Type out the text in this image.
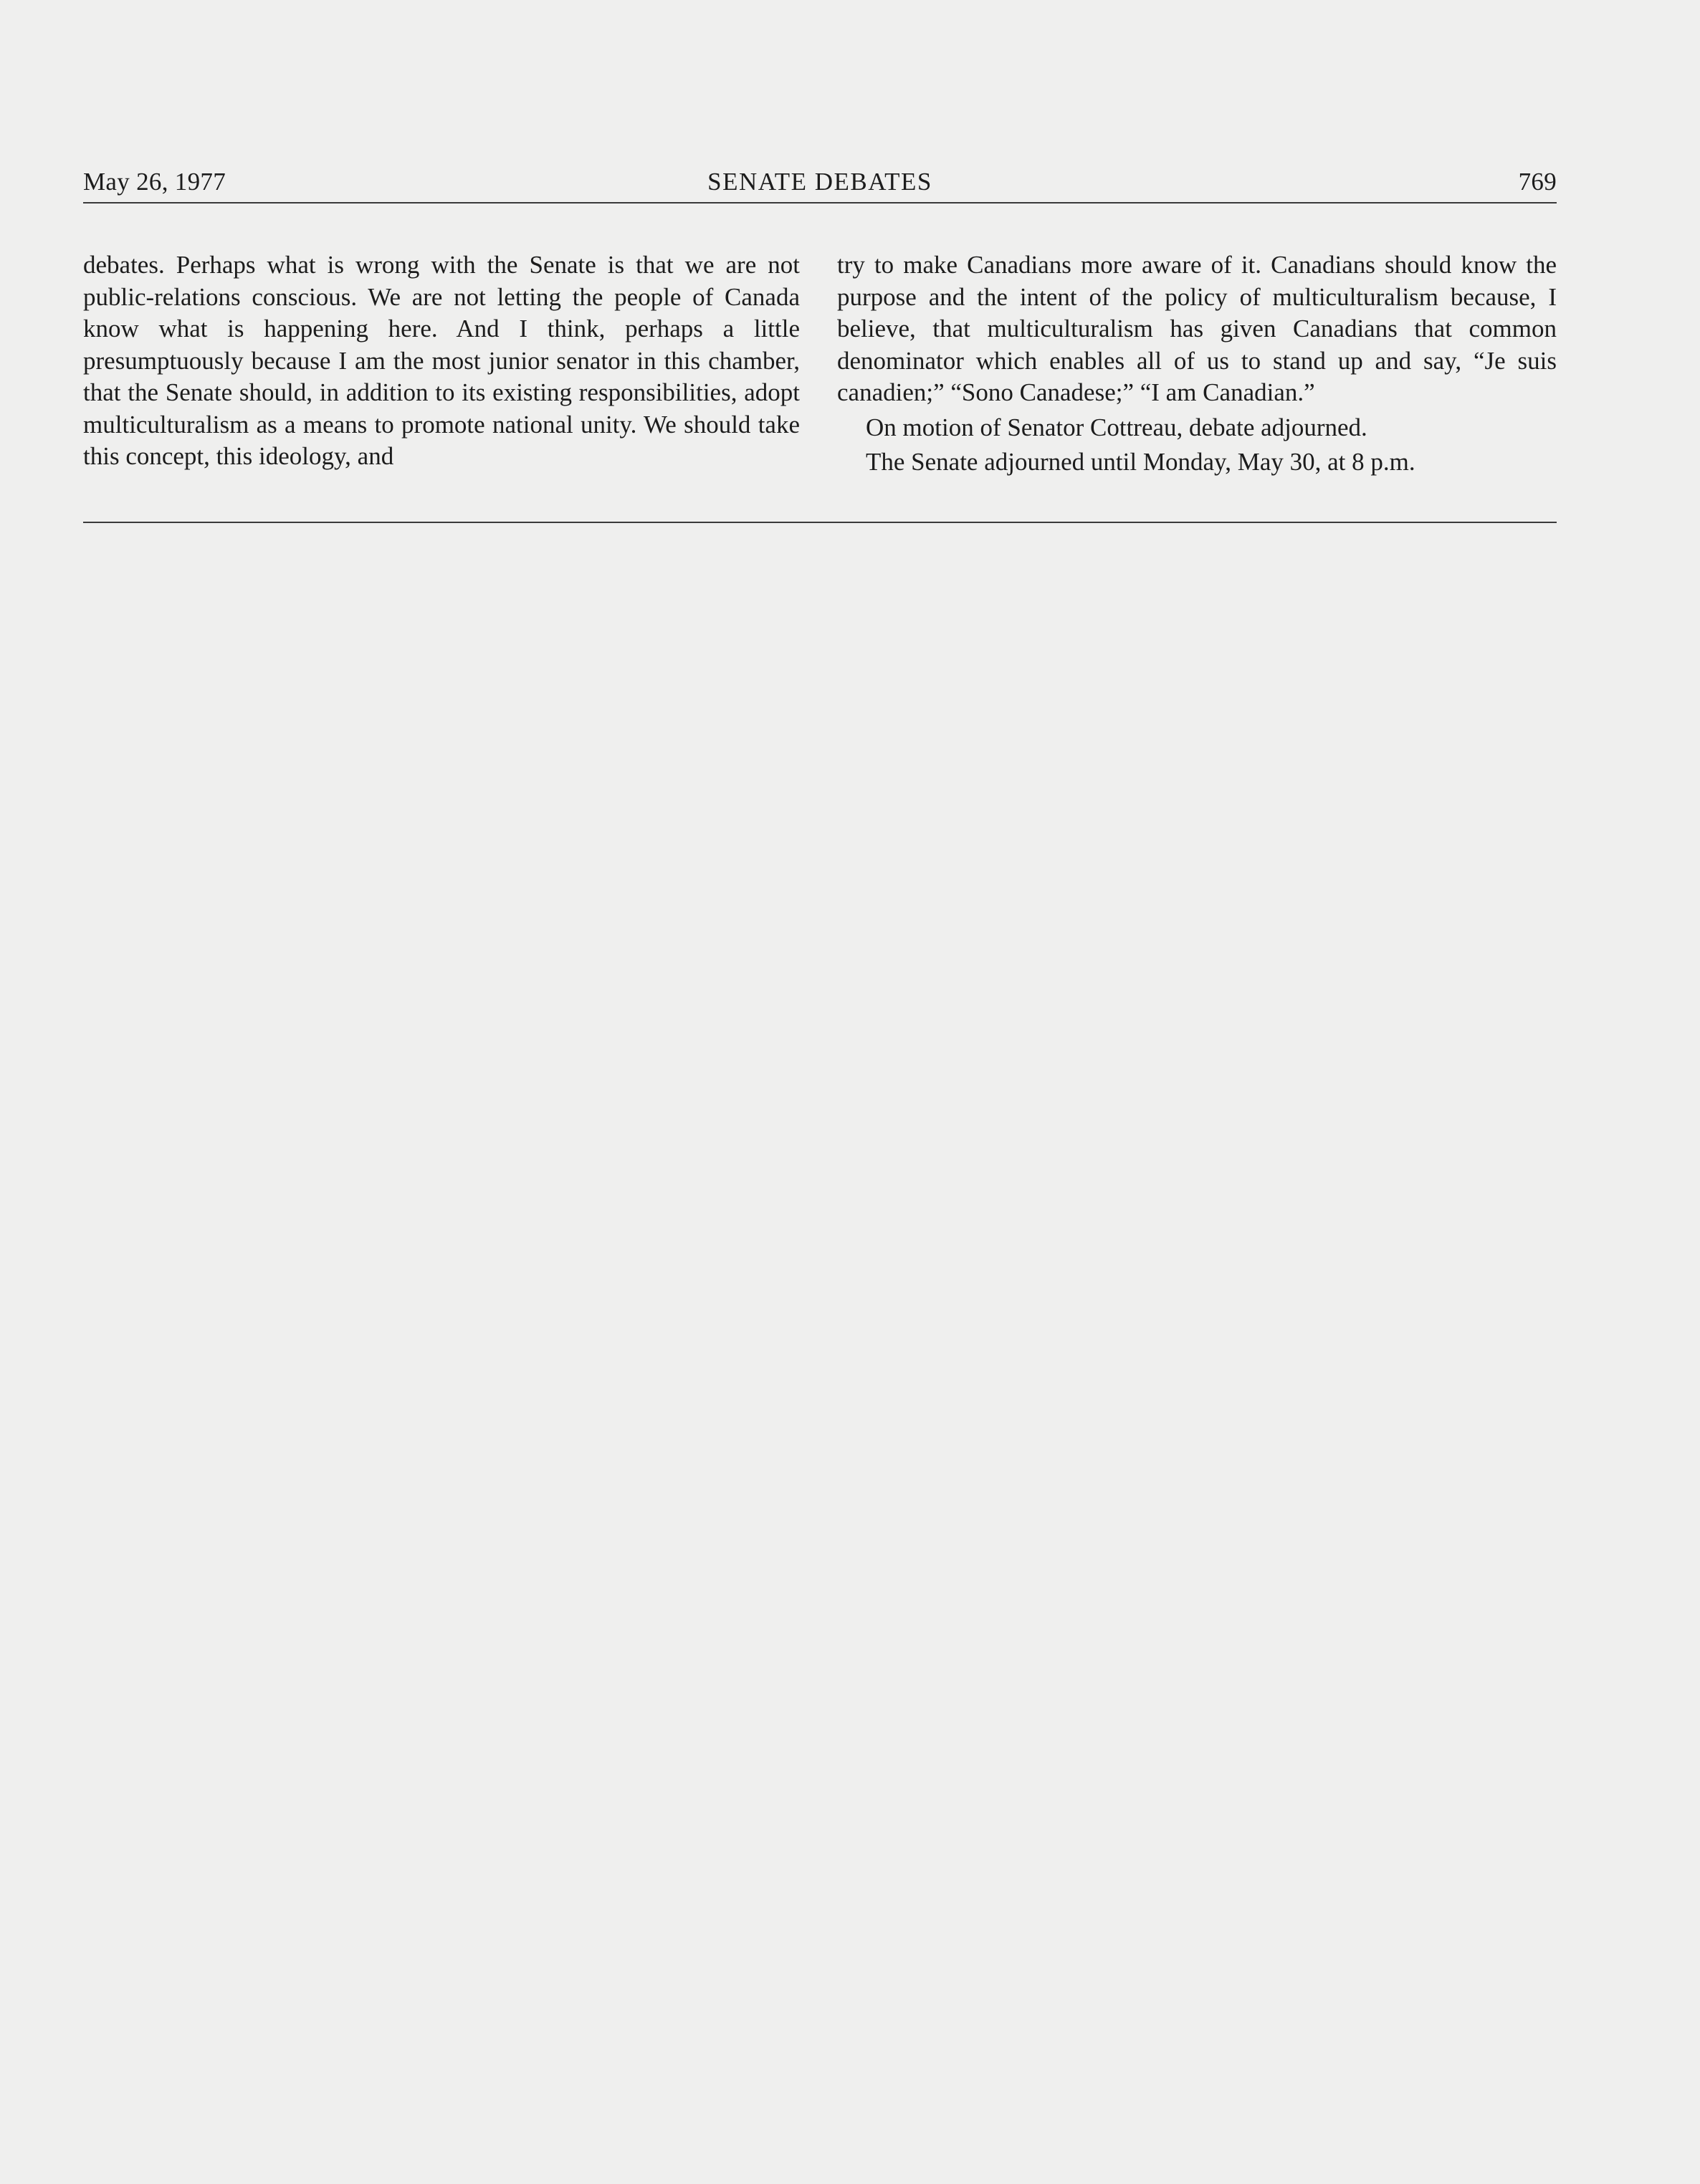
May 26, 1977	SENATE DEBATES	769

debates. Perhaps what is wrong with the Senate is that we are not public-relations conscious. We are not letting the people of Canada know what is happening here. And I think, perhaps a little presumptuously because I am the most junior senator in this chamber, that the Senate should, in addition to its existing responsibilities, adopt multiculturalism as a means to promote national unity. We should take this concept, this ideology, and

try to make Canadians more aware of it. Canadians should know the purpose and the intent of the policy of multiculturalism because, I believe, that multiculturalism has given Canadians that common denominator which enables all of us to stand up and say, “Je suis canadien;” “Sono Canadese;” “I am Canadian.”

On motion of Senator Cottreau, debate adjourned.

The Senate adjourned until Monday, May 30, at 8 p.m.
